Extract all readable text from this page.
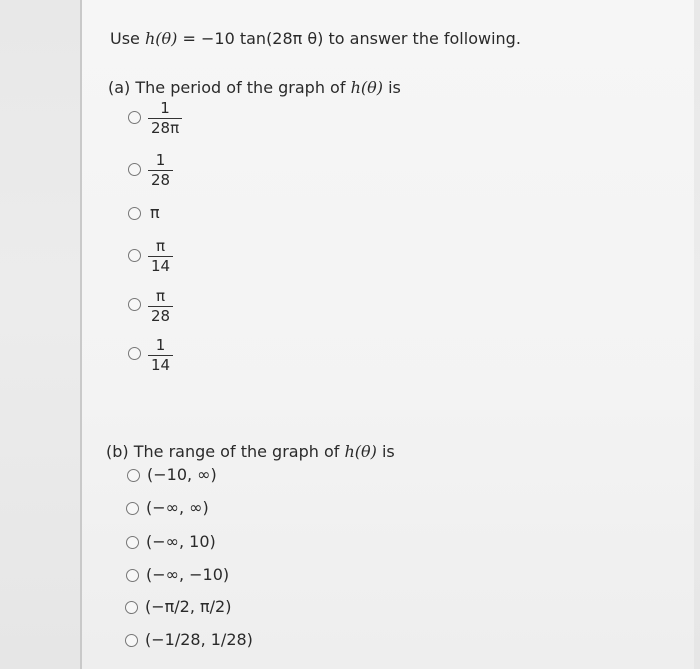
Use h(θ) = −10 tan(28π θ) to answer the following.
(a) The period of the graph of h(θ) is
1
28π
1
28
π
π
14
π
28
1
14
(b) The range of the graph of h(θ) is
(−10, ∞)
(−∞, ∞)
(−∞, 10)
(−∞, −10)
(−π/2, π/2)
(−1/28, 1/28)
